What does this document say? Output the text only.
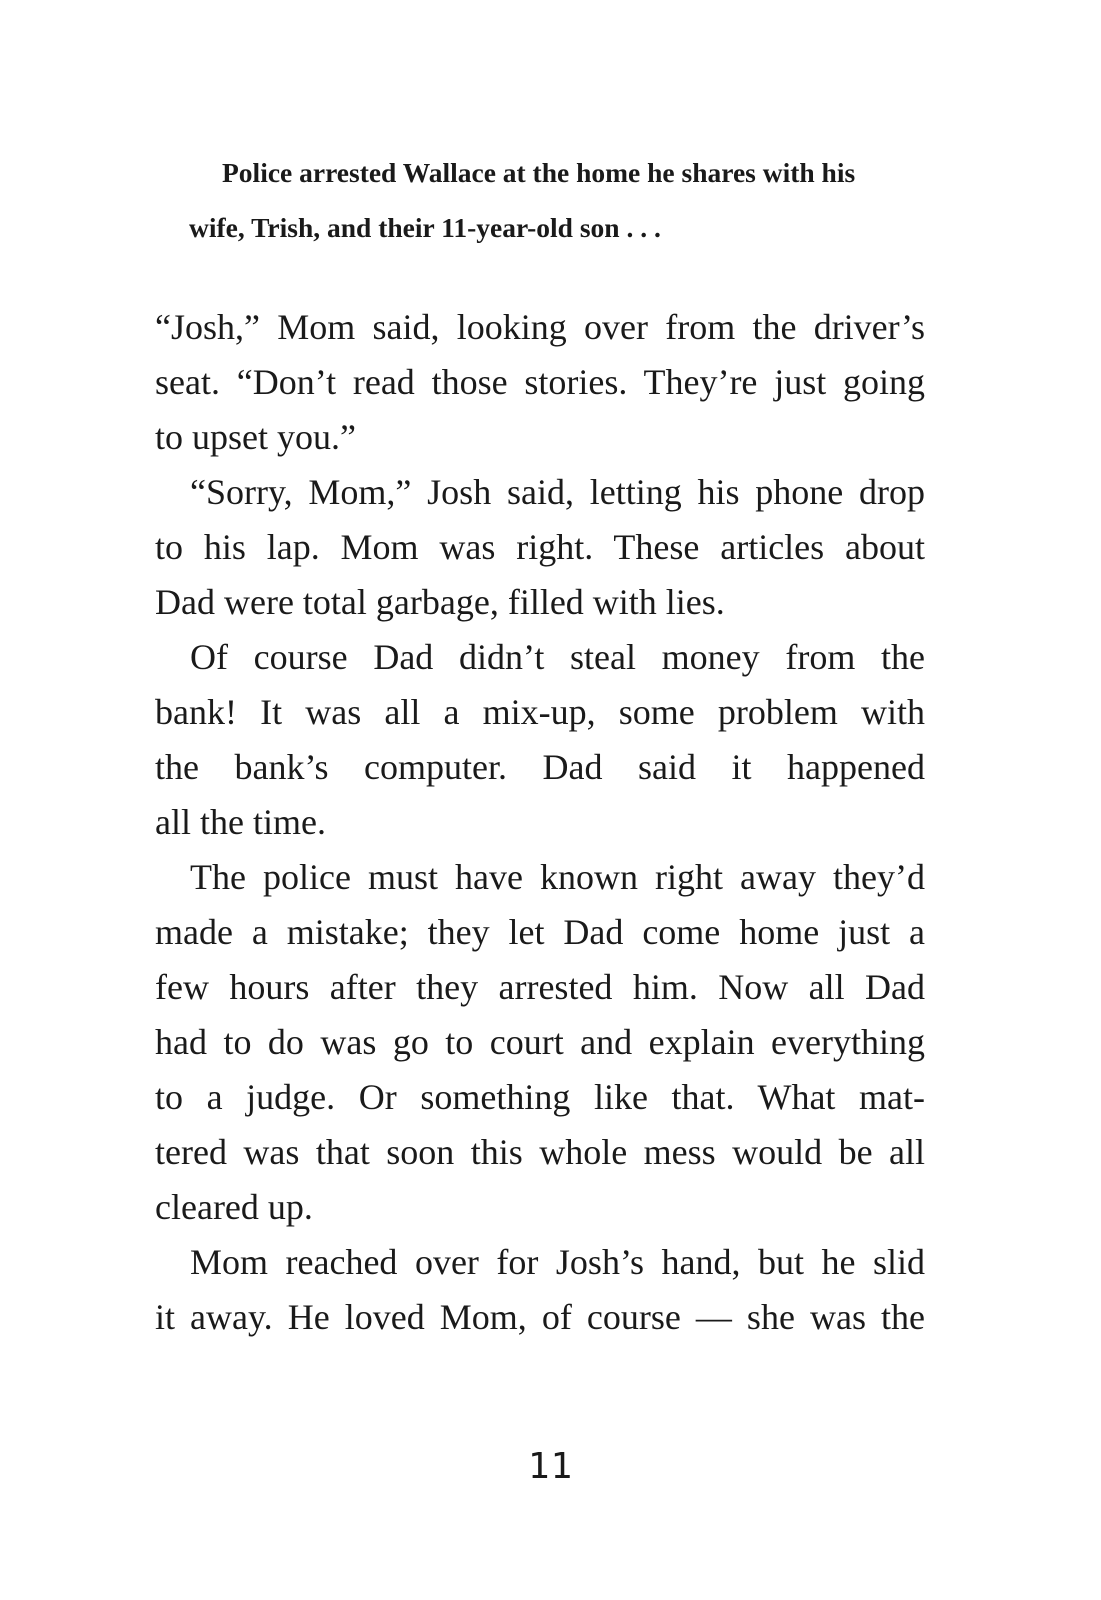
Police arrested Wallace at the home he shares with his
wife, Trish, and their 11-year-old son . . .
“Josh,” Mom said, looking over from the driver’s
seat. “Don’t read those stories. They’re just going
to upset you.”
“Sorry, Mom,” Josh said, letting his phone drop
to his lap. Mom was right. These articles about
Dad were total garbage, filled with lies.
Of course Dad didn’t steal money from the
bank! It was all a mix-up, some problem with
the bank’s computer. Dad said it happened
all the time.
The police must have known right away they’d
made a mistake; they let Dad come home just a
few hours after they arrested him. Now all Dad
had to do was go to court and explain everything
to a judge. Or something like that. What mat-
tered was that soon this whole mess would be all
cleared up.
Mom reached over for Josh’s hand, but he slid
it away. He loved Mom, of course — she was the
11
